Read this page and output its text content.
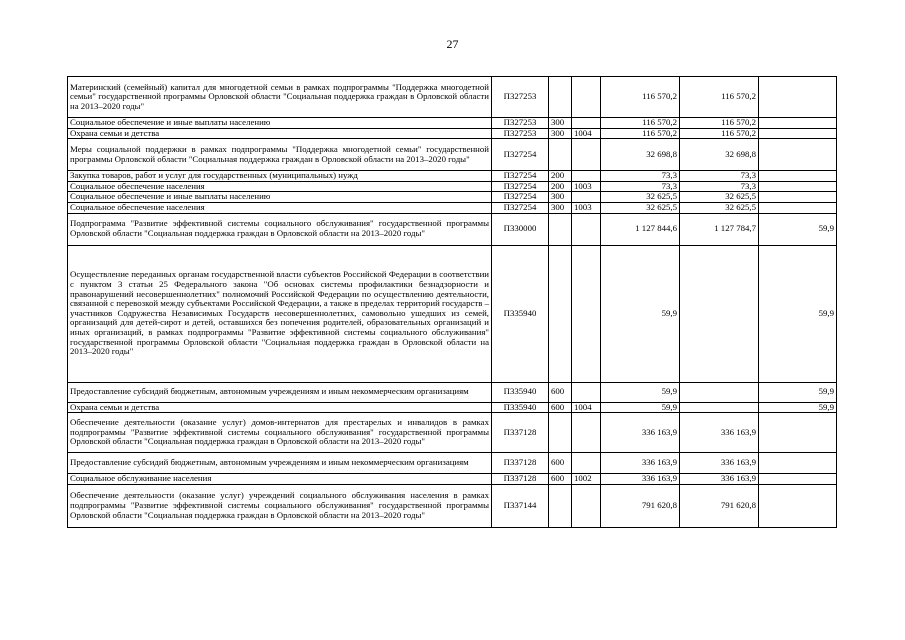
27
Материнский (семейный) капитал для многодетной семьи в рамках подпрограммы "Поддержка многодетной семьи" государственной программы Орловской области "Социальная поддержка граждан в Орловской области на 2013–2020 годы"	П327253			116 570,2	116 570,2	
Социальное обеспечение и иные выплаты населению	П327253	300		116 570,2	116 570,2	
Охрана семьи и детства	П327253	300	1004	116 570,2	116 570,2	
Меры социальной поддержки в рамках подпрограммы "Поддержка многодетной семьи" государственной программы Орловской области "Социальная поддержка граждан в Орловской области на 2013–2020 годы"	П327254			32 698,8	32 698,8	
Закупка товаров, работ и услуг для государственных (муниципальных) нужд	П327254	200		73,3	73,3	
Социальное обеспечение населения	П327254	200	1003	73,3	73,3	
Социальное обеспечение и иные выплаты населению	П327254	300		32 625,5	32 625,5	
Социальное обеспечение населения	П327254	300	1003	32 625,5	32 625,5	
Подпрограмма "Развитие эффективной системы социального обслуживания" государственной программы Орловской области "Социальная поддержка граждан в Орловской области на 2013–2020 годы"	П330000			1 127 844,6	1 127 784,7	59,9
Осуществление переданных органам государственной власти субъектов Российской Федерации в соответствии с пунктом 3 статьи 25 Федерального закона "Об основах системы профилактики безнадзорности и правонарушений несовершеннолетних" полномочий Российской Федерации по осуществлению деятельности, связанной с перевозкой между субъектами Российской Федерации, а также в пределах территорий государств – участников Содружества Независимых Государств несовершеннолетних, самовольно ушедших из семей, организаций для детей-сирот и детей, оставшихся без попечения родителей, образовательных организаций и иных организаций, в рамках подпрограммы "Развитие эффективной системы социального обслуживания" государственной программы Орловской области "Социальная поддержка граждан в Орловской области на 2013–2020 годы"	П335940			59,9		59,9
Предоставление субсидий бюджетным, автономным учреждениям и иным некоммерческим организациям	П335940	600		59,9		59,9
Охрана семьи и детства	П335940	600	1004	59,9		59,9
Обеспечение деятельности (оказание услуг) домов-интернатов для престарелых и инвалидов в рамках подпрограммы "Развитие эффективной системы социального обслуживания" государственной программы Орловской области "Социальная поддержка граждан в Орловской области на 2013–2020 годы"	П337128			336 163,9	336 163,9	
Предоставление субсидий бюджетным, автономным учреждениям и иным некоммерческим организациям	П337128	600		336 163,9	336 163,9	
Социальное обслуживание населения	П337128	600	1002	336 163,9	336 163,9	
Обеспечение деятельности (оказание услуг) учреждений социального обслуживания населения в рамках подпрограммы "Развитие эффективной системы социального обслуживания" государственной программы Орловской области "Социальная поддержка граждан в Орловской области на 2013–2020 годы"	П337144			791 620,8	791 620,8	
